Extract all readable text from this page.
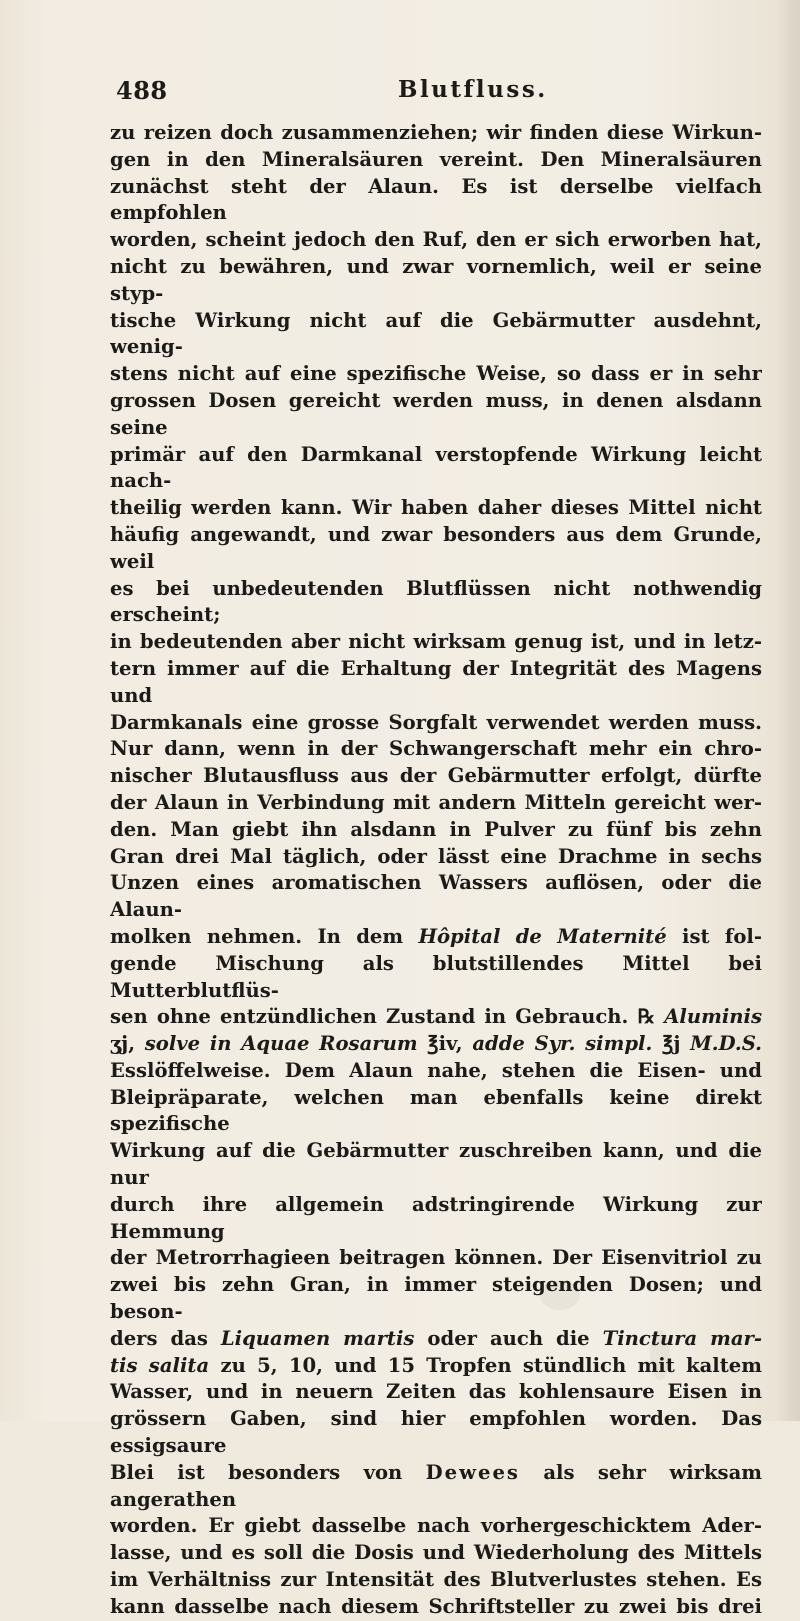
488	Blutfluss.
zu reizen doch zusammenziehen; wir finden diese Wirkun-
gen in den Mineralsäuren vereint. Den Mineralsäuren
zunächst steht der Alaun. Es ist derselbe vielfach empfohlen
worden, scheint jedoch den Ruf, den er sich erworben hat,
nicht zu bewähren, und zwar vornemlich, weil er seine styp-
tische Wirkung nicht auf die Gebärmutter ausdehnt, wenig-
stens nicht auf eine spezifische Weise, so dass er in sehr
grossen Dosen gereicht werden muss, in denen alsdann seine
primär auf den Darmkanal verstopfende Wirkung leicht nach-
theilig werden kann. Wir haben daher dieses Mittel nicht
häufig angewandt, und zwar besonders aus dem Grunde, weil
es bei unbedeutenden Blutflüssen nicht nothwendig erscheint;
in bedeutenden aber nicht wirksam genug ist, und in letz-
tern immer auf die Erhaltung der Integrität des Magens und
Darmkanals eine grosse Sorgfalt verwendet werden muss.
Nur dann, wenn in der Schwangerschaft mehr ein chro-
nischer Blutausfluss aus der Gebärmutter erfolgt, dürfte
der Alaun in Verbindung mit andern Mitteln gereicht wer-
den. Man giebt ihn alsdann in Pulver zu fünf bis zehn
Gran drei Mal täglich, oder lässt eine Drachme in sechs
Unzen eines aromatischen Wassers auflösen, oder die Alaun-
molken nehmen. In dem Hôpital de Maternité ist fol-
gende Mischung als blutstillendes Mittel bei Mutterblutflüs-
sen ohne entzündlichen Zustand in Gebrauch. ℞ Aluminis
ʒj, solve in Aquae Rosarum ℥iv, adde Syr. simpl. ℥j M.D.S.
Esslöffelweise. Dem Alaun nahe, stehen die Eisen- und
Bleipräparate, welchen man ebenfalls keine direkt spezifische
Wirkung auf die Gebärmutter zuschreiben kann, und die nur
durch ihre allgemein adstringirende Wirkung zur Hemmung
der Metrorrhagieen beitragen können. Der Eisenvitriol zu
zwei bis zehn Gran, in immer steigenden Dosen; und beson-
ders das Liquamen martis oder auch die Tinctura mar-
tis salita zu 5, 10, und 15 Tropfen stündlich mit kaltem
Wasser, und in neuern Zeiten das kohlensaure Eisen in
grössern Gaben, sind hier empfohlen worden. Das essigsaure
Blei ist besonders von Dewees als sehr wirksam angerathen
worden. Er giebt dasselbe nach vorhergeschicktem Ader-
lasse, und es soll die Dosis und Wiederholung des Mittels
im Verhältniss zur Intensität des Blutverlustes stehen. Es
kann dasselbe nach diesem Schriftsteller zu zwei bis drei
